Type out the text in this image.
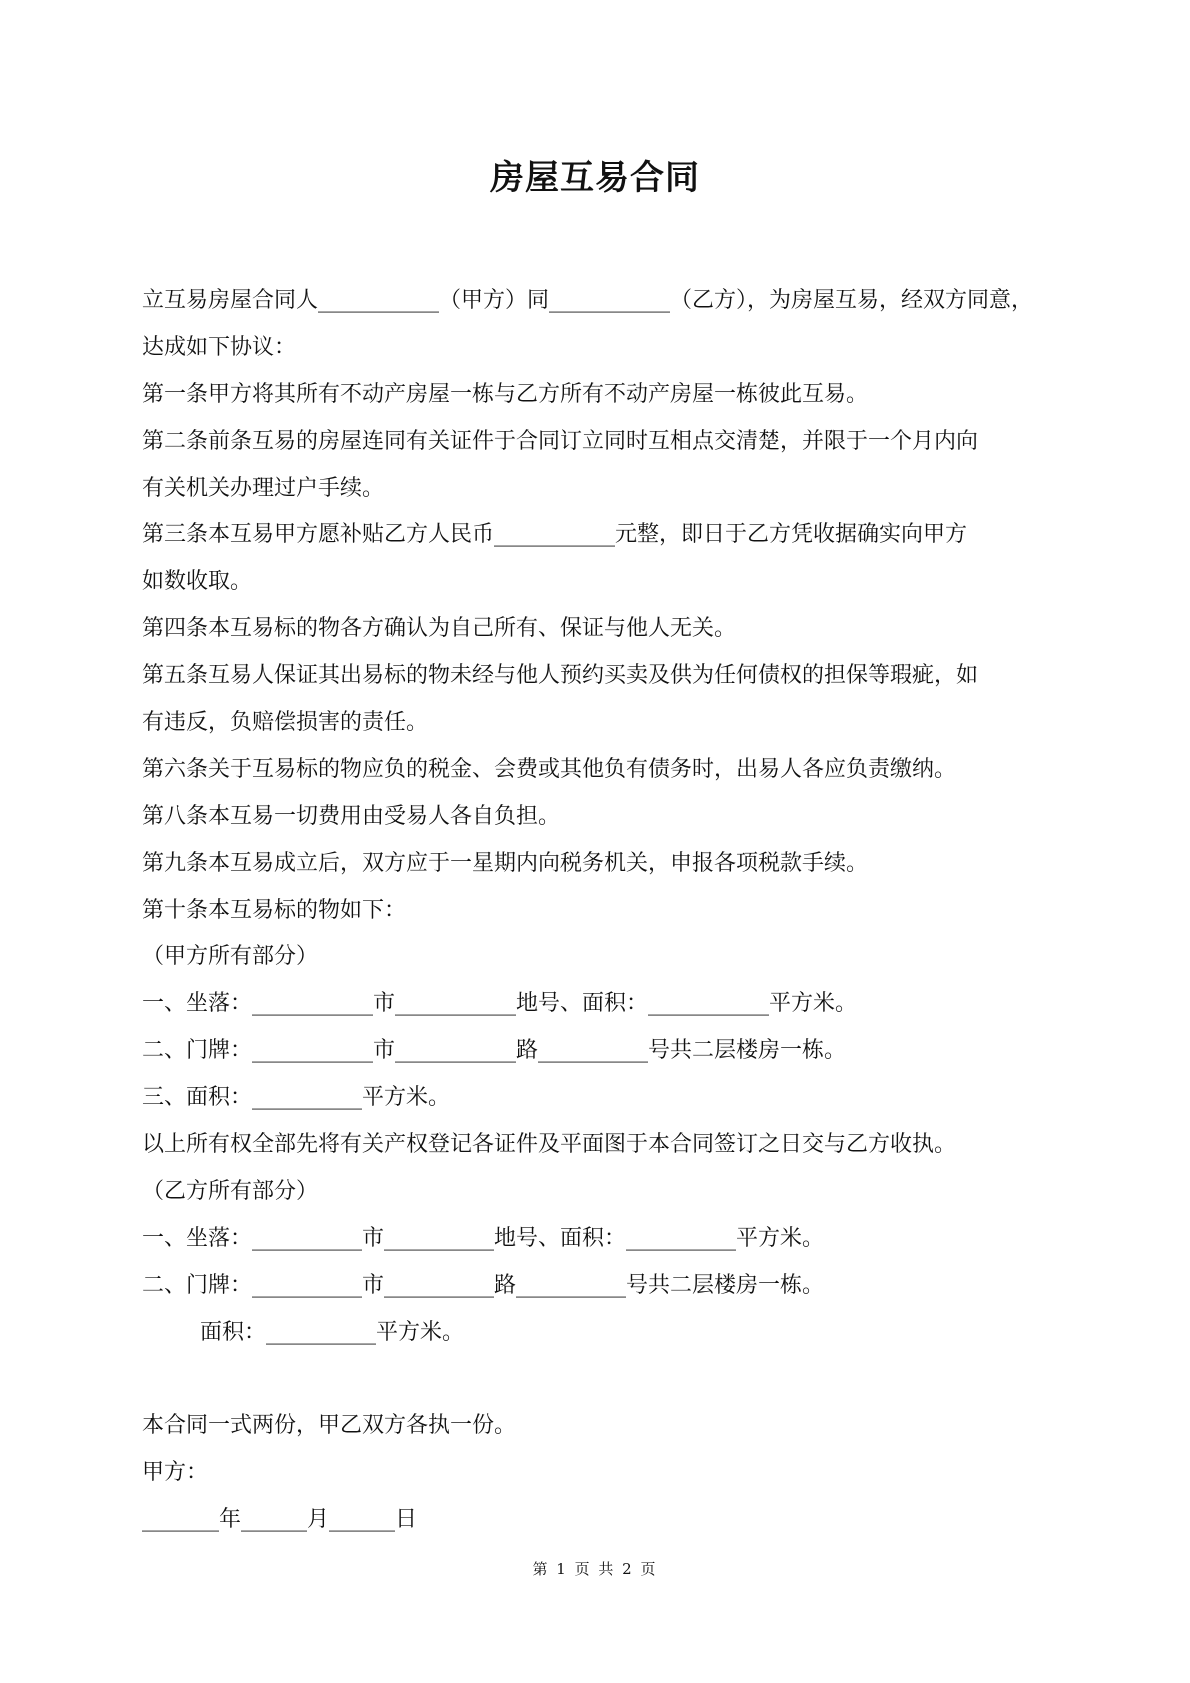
房屋互易合同
立互易房屋合同人___________（甲方）同___________（乙方），为房屋互易，经双方同意，
达成如下协议：
第一条甲方将其所有不动产房屋一栋与乙方所有不动产房屋一栋彼此互易。
第二条前条互易的房屋连同有关证件于合同订立同时互相点交清楚，并限于一个月内向
有关机关办理过户手续。
第三条本互易甲方愿补贴乙方人民币___________元整，即日于乙方凭收据确实向甲方
如数收取。
第四条本互易标的物各方确认为自己所有、保证与他人无关。
第五条互易人保证其出易标的物未经与他人预约买卖及供为任何债权的担保等瑕疵，如
有违反，负赔偿损害的责任。
第六条关于互易标的物应负的税金、会费或其他负有债务时，出易人各应负责缴纳。
第八条本互易一切费用由受易人各自负担。
第九条本互易成立后，双方应于一星期内向税务机关，申报各项税款手续。
第十条本互易标的物如下：
（甲方所有部分）
一、坐落：___________市___________地号、面积：___________平方米。
二、门牌：___________市___________路__________号共二层楼房一栋。
三、面积：__________平方米。
以上所有权全部先将有关产权登记各证件及平面图于本合同签订之日交与乙方收执。
（乙方所有部分）
一、坐落：__________市__________地号、面积：__________平方米。
二、门牌：__________市__________路__________号共二层楼房一栋。
面积：__________平方米。
本合同一式两份，甲乙双方各执一份。
甲方：
_______年______月______日
第 1 页 共 2 页
